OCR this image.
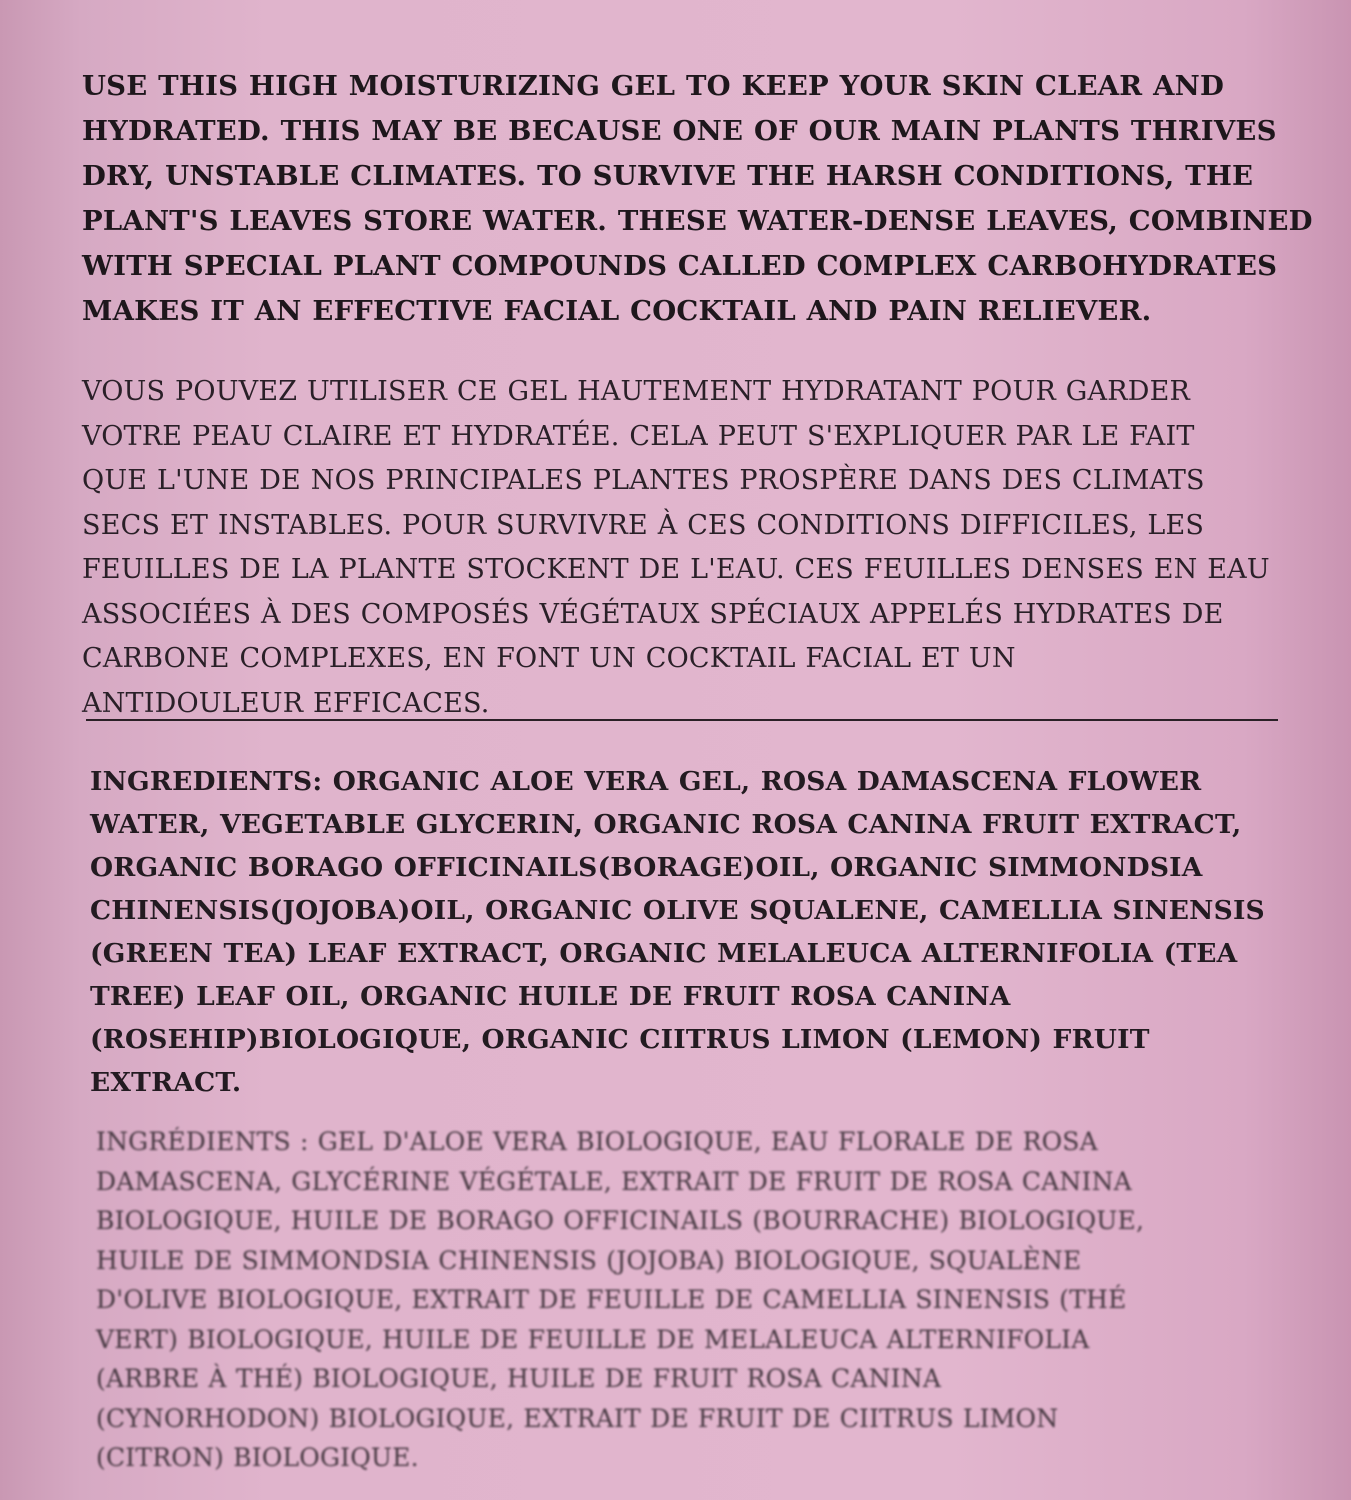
USE THIS HIGH MOISTURIZING GEL TO KEEP YOUR SKIN CLEAR AND
HYDRATED. THIS MAY BE BECAUSE ONE OF OUR MAIN PLANTS THRIVES
DRY, UNSTABLE CLIMATES. TO SURVIVE THE HARSH CONDITIONS, THE
PLANT'S LEAVES STORE WATER. THESE WATER-DENSE LEAVES, COMBINED
WITH SPECIAL PLANT COMPOUNDS CALLED COMPLEX CARBOHYDRATES
MAKES IT AN EFFECTIVE FACIAL COCKTAIL AND PAIN RELIEVER.

VOUS POUVEZ UTILISER CE GEL HAUTEMENT HYDRATANT POUR GARDER
VOTRE PEAU CLAIRE ET HYDRATÉE. CELA PEUT S'EXPLIQUER PAR LE FAIT
QUE L'UNE DE NOS PRINCIPALES PLANTES PROSPÈRE DANS DES CLIMATS
SECS ET INSTABLES. POUR SURVIVRE À CES CONDITIONS DIFFICILES, LES
FEUILLES DE LA PLANTE STOCKENT DE L'EAU. CES FEUILLES DENSES EN EAU
ASSOCIÉES À DES COMPOSÉS VÉGÉTAUX SPÉCIAUX APPELÉS HYDRATES DE
CARBONE COMPLEXES, EN FONT UN COCKTAIL FACIAL ET UN
ANTIDOULEUR EFFICACES.

INGREDIENTS: ORGANIC ALOE VERA GEL, ROSA DAMASCENA FLOWER
WATER, VEGETABLE GLYCERIN, ORGANIC ROSA CANINA FRUIT EXTRACT,
ORGANIC BORAGO OFFICINAILS(BORAGE)OIL, ORGANIC SIMMONDSIA
CHINENSIS(JOJOBA)OIL, ORGANIC OLIVE SQUALENE, CAMELLIA SINENSIS
(GREEN TEA) LEAF EXTRACT, ORGANIC MELALEUCA ALTERNIFOLIA (TEA
TREE) LEAF OIL, ORGANIC HUILE DE FRUIT ROSA CANINA
(ROSEHIP)BIOLOGIQUE, ORGANIC CIITRUS LIMON (LEMON) FRUIT
EXTRACT.

INGRÉDIENTS : GEL D'ALOE VERA BIOLOGIQUE, EAU FLORALE DE ROSA
DAMASCENA, GLYCÉRINE VÉGÉTALE, EXTRAIT DE FRUIT DE ROSA CANINA
BIOLOGIQUE, HUILE DE BORAGO OFFICINAILS (BOURRACHE) BIOLOGIQUE,
HUILE DE SIMMONDSIA CHINENSIS (JOJOBA) BIOLOGIQUE, SQUALÈNE
D'OLIVE BIOLOGIQUE, EXTRAIT DE FEUILLE DE CAMELLIA SINENSIS (THÉ
VERT) BIOLOGIQUE, HUILE DE FEUILLE DE MELALEUCA ALTERNIFOLIA
(ARBRE À THÉ) BIOLOGIQUE, HUILE DE FRUIT ROSA CANINA
(CYNORHODON) BIOLOGIQUE, EXTRAIT DE FRUIT DE CIITRUS LIMON
(CITRON) BIOLOGIQUE.
